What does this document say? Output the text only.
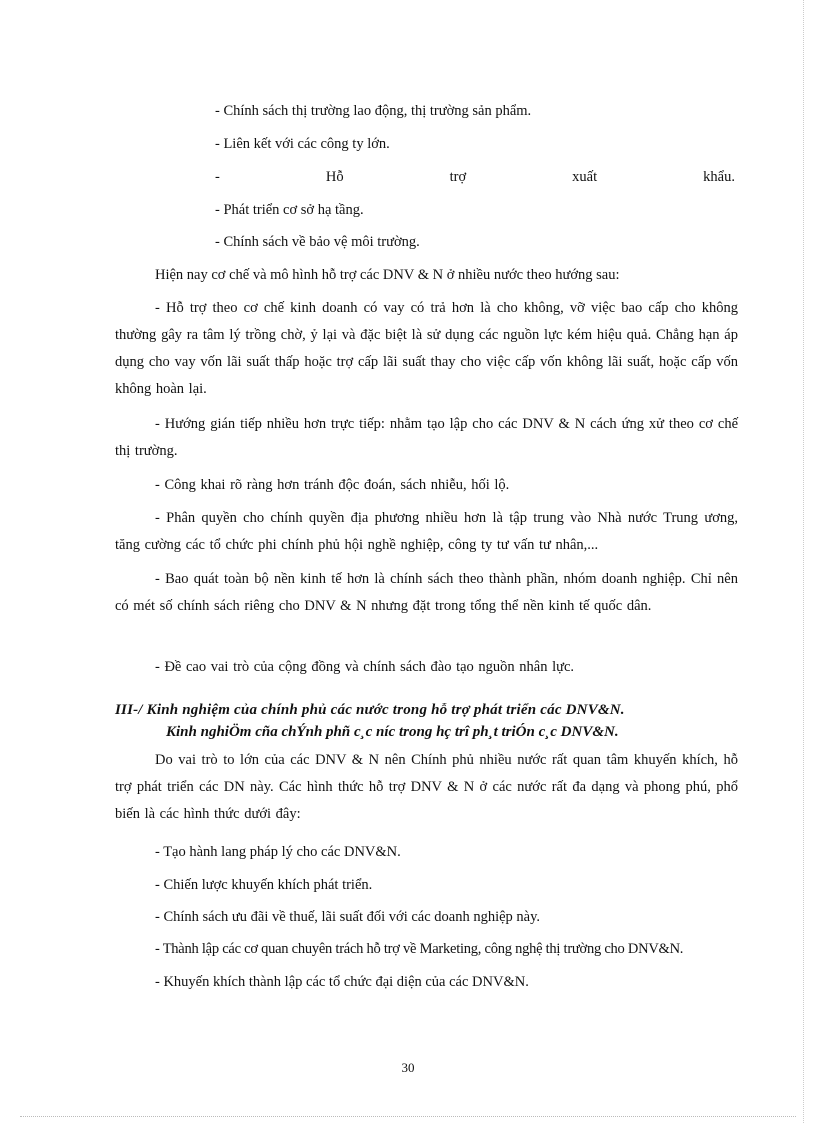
- Chính sách thị trường lao động, thị trường sản phẩm.
- Liên kết với các công ty lớn.
-	Hỗ	trợ	xuất	khẩu.
- Phát triển cơ sở hạ tầng.
- Chính sách về bảo vệ môi trường.
Hiện nay cơ chế và mô hình hỗ trợ các DNV & N ở nhiều nước theo hướng sau:
- Hỗ trợ theo cơ chế kinh doanh có vay có trả hơn là cho không, vỡ việc bao cấp cho không thường gây ra tâm lý trồng chờ, ỷ lại và đặc biệt là sử dụng các nguồn lực kém hiệu quả. Chẳng hạn áp dụng cho vay vốn lãi suất thấp hoặc trợ cấp lãi suất thay cho việc cấp vốn không lãi suất, hoặc cấp vốn không hoàn lại.
- Hướng gián tiếp nhiều hơn trực tiếp: nhằm tạo lập cho các DNV & N cách ứng xử theo cơ chế thị trường.
- Công khai rõ ràng hơn tránh độc đoán, sách nhiễu, hối lộ.
- Phân quyền cho chính quyền địa phương nhiều hơn là tập trung vào Nhà nước Trung ương, tăng cường các tổ chức phi chính phủ hội nghề nghiệp, công ty tư vấn tư nhân,...
- Bao quát toàn bộ nền kinh tế hơn là chính sách theo thành phần, nhóm doanh nghiệp. Chỉ nên có mét số chính sách riêng cho DNV & N nhưng đặt trong tổng thể nền kinh tế quốc dân.
- Đề cao vai trò của cộng đồng và chính sách đào tạo nguồn nhân lực.
III-/ Kinh nghiệm của chính phủ các nước trong hỗ trợ phát triển các DNV&N.
Kinh nghiÖm cña chÝnh phñ c¸c níc trong hç trî ph¸t triÓn c¸c DNV&N.
Do vai trò to lớn của các DNV & N nên Chính phủ nhiều nước rất quan tâm khuyến khích, hỗ trợ phát triển các DN này. Các hình thức hỗ trợ DNV & N ở các nước rất đa dạng và phong phú, phổ biến là các hình thức dưới đây:
- Tạo hành lang pháp lý cho các DNV&N.
- Chiến lược khuyến khích phát triển.
- Chính sách ưu đãi về thuế, lãi suất đối với các doanh nghiệp này.
- Thành lập các cơ quan chuyên trách hỗ trợ về Marketing, công nghệ thị trường cho DNV&N.
- Khuyến khích thành lập các tổ chức đại diện của các DNV&N.
30
